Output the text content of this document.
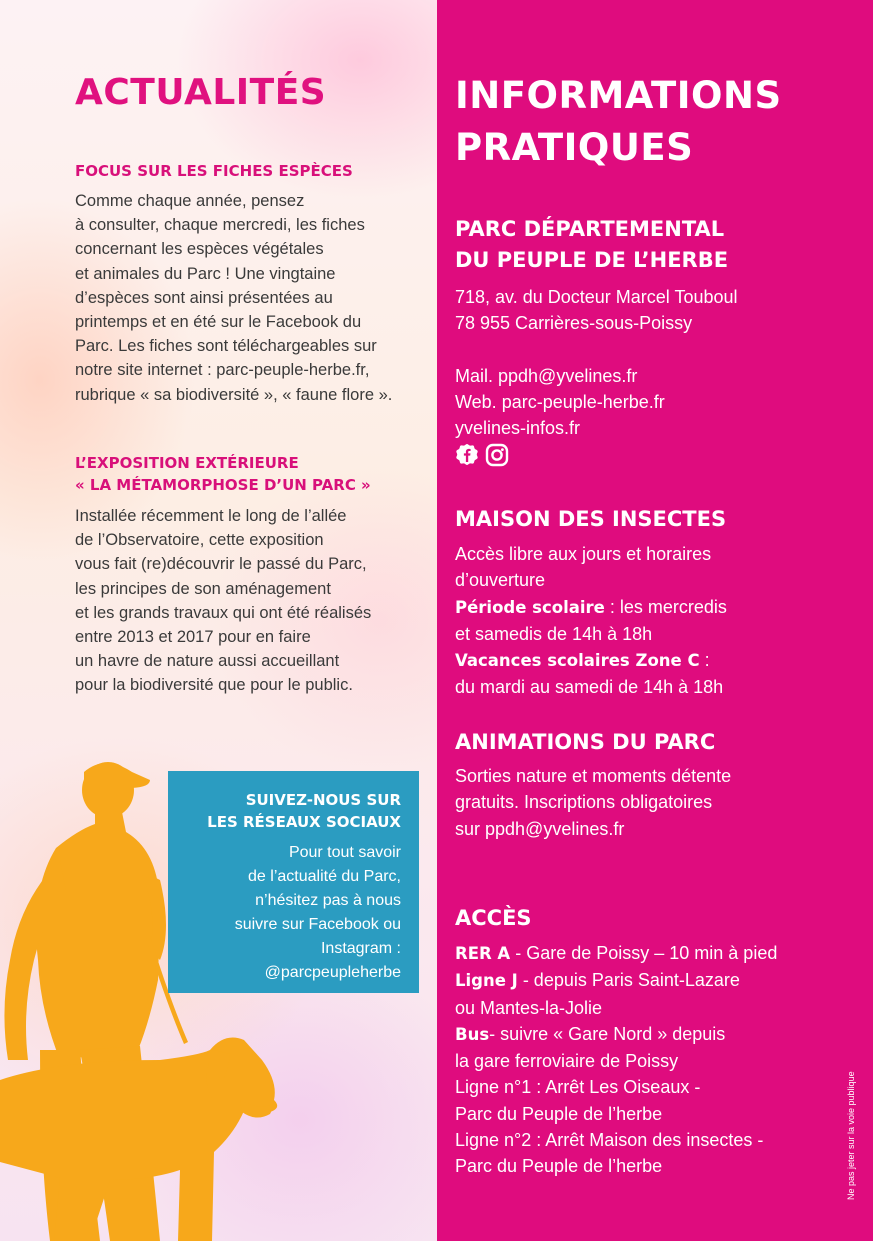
ACTUALITÉS
FOCUS SUR LES FICHES ESPÈCES
Comme chaque année, pensez
à consulter, chaque mercredi, les fiches
concernant les espèces végétales
et animales du Parc ! Une vingtaine
d’espèces sont ainsi présentées au
printemps et en été sur le Facebook du
Parc. Les fiches sont téléchargeables sur
notre site internet : parc-peuple-herbe.fr,
rubrique « sa biodiversité », « faune flore ».
L’EXPOSITION EXTÉRIEURE
« LA MÉTAMORPHOSE D’UN PARC »
Installée récemment le long de l’allée
de l’Observatoire, cette exposition
vous fait (re)découvrir le passé du Parc,
les principes de son aménagement
et les grands travaux qui ont été réalisés
entre 2013 et 2017 pour en faire
un havre de nature aussi accueillant
pour la biodiversité que pour le public.
SUIVEZ-NOUS SUR
LES RÉSEAUX SOCIAUX
Pour tout savoir
de l’actualité du Parc,
n’hésitez pas à nous
suivre sur Facebook ou
Instagram :
@parcpeupleherbe
INFORMATIONS
PRATIQUES
PARC DÉPARTEMENTAL
DU PEUPLE DE L’HERBE
718, av. du Docteur Marcel Touboul
78 955 Carrières-sous-Poissy
Mail. ppdh@yvelines.fr
Web. parc-peuple-herbe.fr
yvelines-infos.fr
MAISON DES INSECTES
Accès libre aux jours et horaires
d’ouverture
Période scolaire : les mercredis
et samedis de 14h à 18h
Vacances scolaires Zone C :
du mardi au samedi de 14h à 18h
ANIMATIONS DU PARC
Sorties nature et moments détente
gratuits. Inscriptions obligatoires
sur ppdh@yvelines.fr
ACCÈS
RER A - Gare de Poissy – 10 min à pied
Ligne J - depuis Paris Saint-Lazare
ou Mantes-la-Jolie
Bus- suivre « Gare Nord » depuis
la gare ferroviaire de Poissy
Ligne n°1 : Arrêt Les Oiseaux -
Parc du Peuple de l’herbe
Ligne n°2 : Arrêt Maison des insectes -
Parc du Peuple de l’herbe	Ne pas jeter sur la voie publique
